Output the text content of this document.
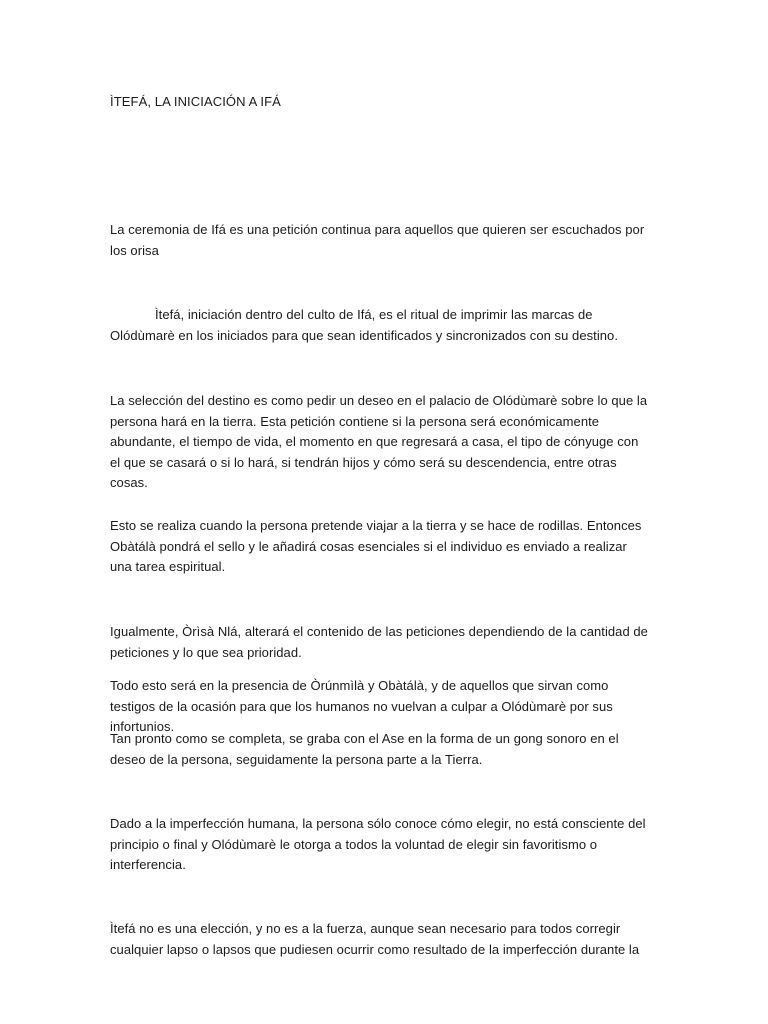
ÌTEFÁ, LA INICIACIÓN A IFÁ

La ceremonia de Ifá es una petición continua para aquellos que quieren ser escuchados por los orisa

Ìtefá, iniciación dentro del culto de Ifá, es el ritual de imprimir las marcas de Olódùmarè en los iniciados para que sean identificados y sincronizados con su destino.

La selección del destino es como pedir un deseo en el palacio de Olódùmarè sobre lo que la persona hará en la tierra. Esta petición contiene si la persona será económicamente abundante, el tiempo de vida, el momento en que regresará a casa, el tipo de cónyuge con el que se casará o si lo hará, si tendrán hijos y cómo será su descendencia, entre otras cosas.

Esto se realiza cuando la persona pretende viajar a la tierra y se hace de rodillas. Entonces Obàtálà pondrá el sello y le añadirá cosas esenciales si el individuo es enviado a realizar una tarea espiritual.

Igualmente, Òrìsà Nlá, alterará el contenido de las peticiones dependiendo de la cantidad de peticiones y lo que sea prioridad.

Todo esto será en la presencia de Òrúnmìlà y Obàtálà, y de aquellos que sirvan como testigos de la ocasión para que los humanos no vuelvan a culpar a Olódùmarè por sus infortunios.

Tan pronto como se completa, se graba con el Ase en la forma de un gong sonoro en el deseo de la persona, seguidamente la persona parte a la Tierra.

Dado a la imperfección humana, la persona sólo conoce cómo elegir, no está consciente del principio o final y Olódùmarè le otorga a todos la voluntad de elegir sin favoritismo o interferencia.

Ìtefá no es una elección, y no es a la fuerza, aunque sean necesario para todos corregir cualquier lapso o lapsos que pudiesen ocurrir como resultado de la imperfección durante la
